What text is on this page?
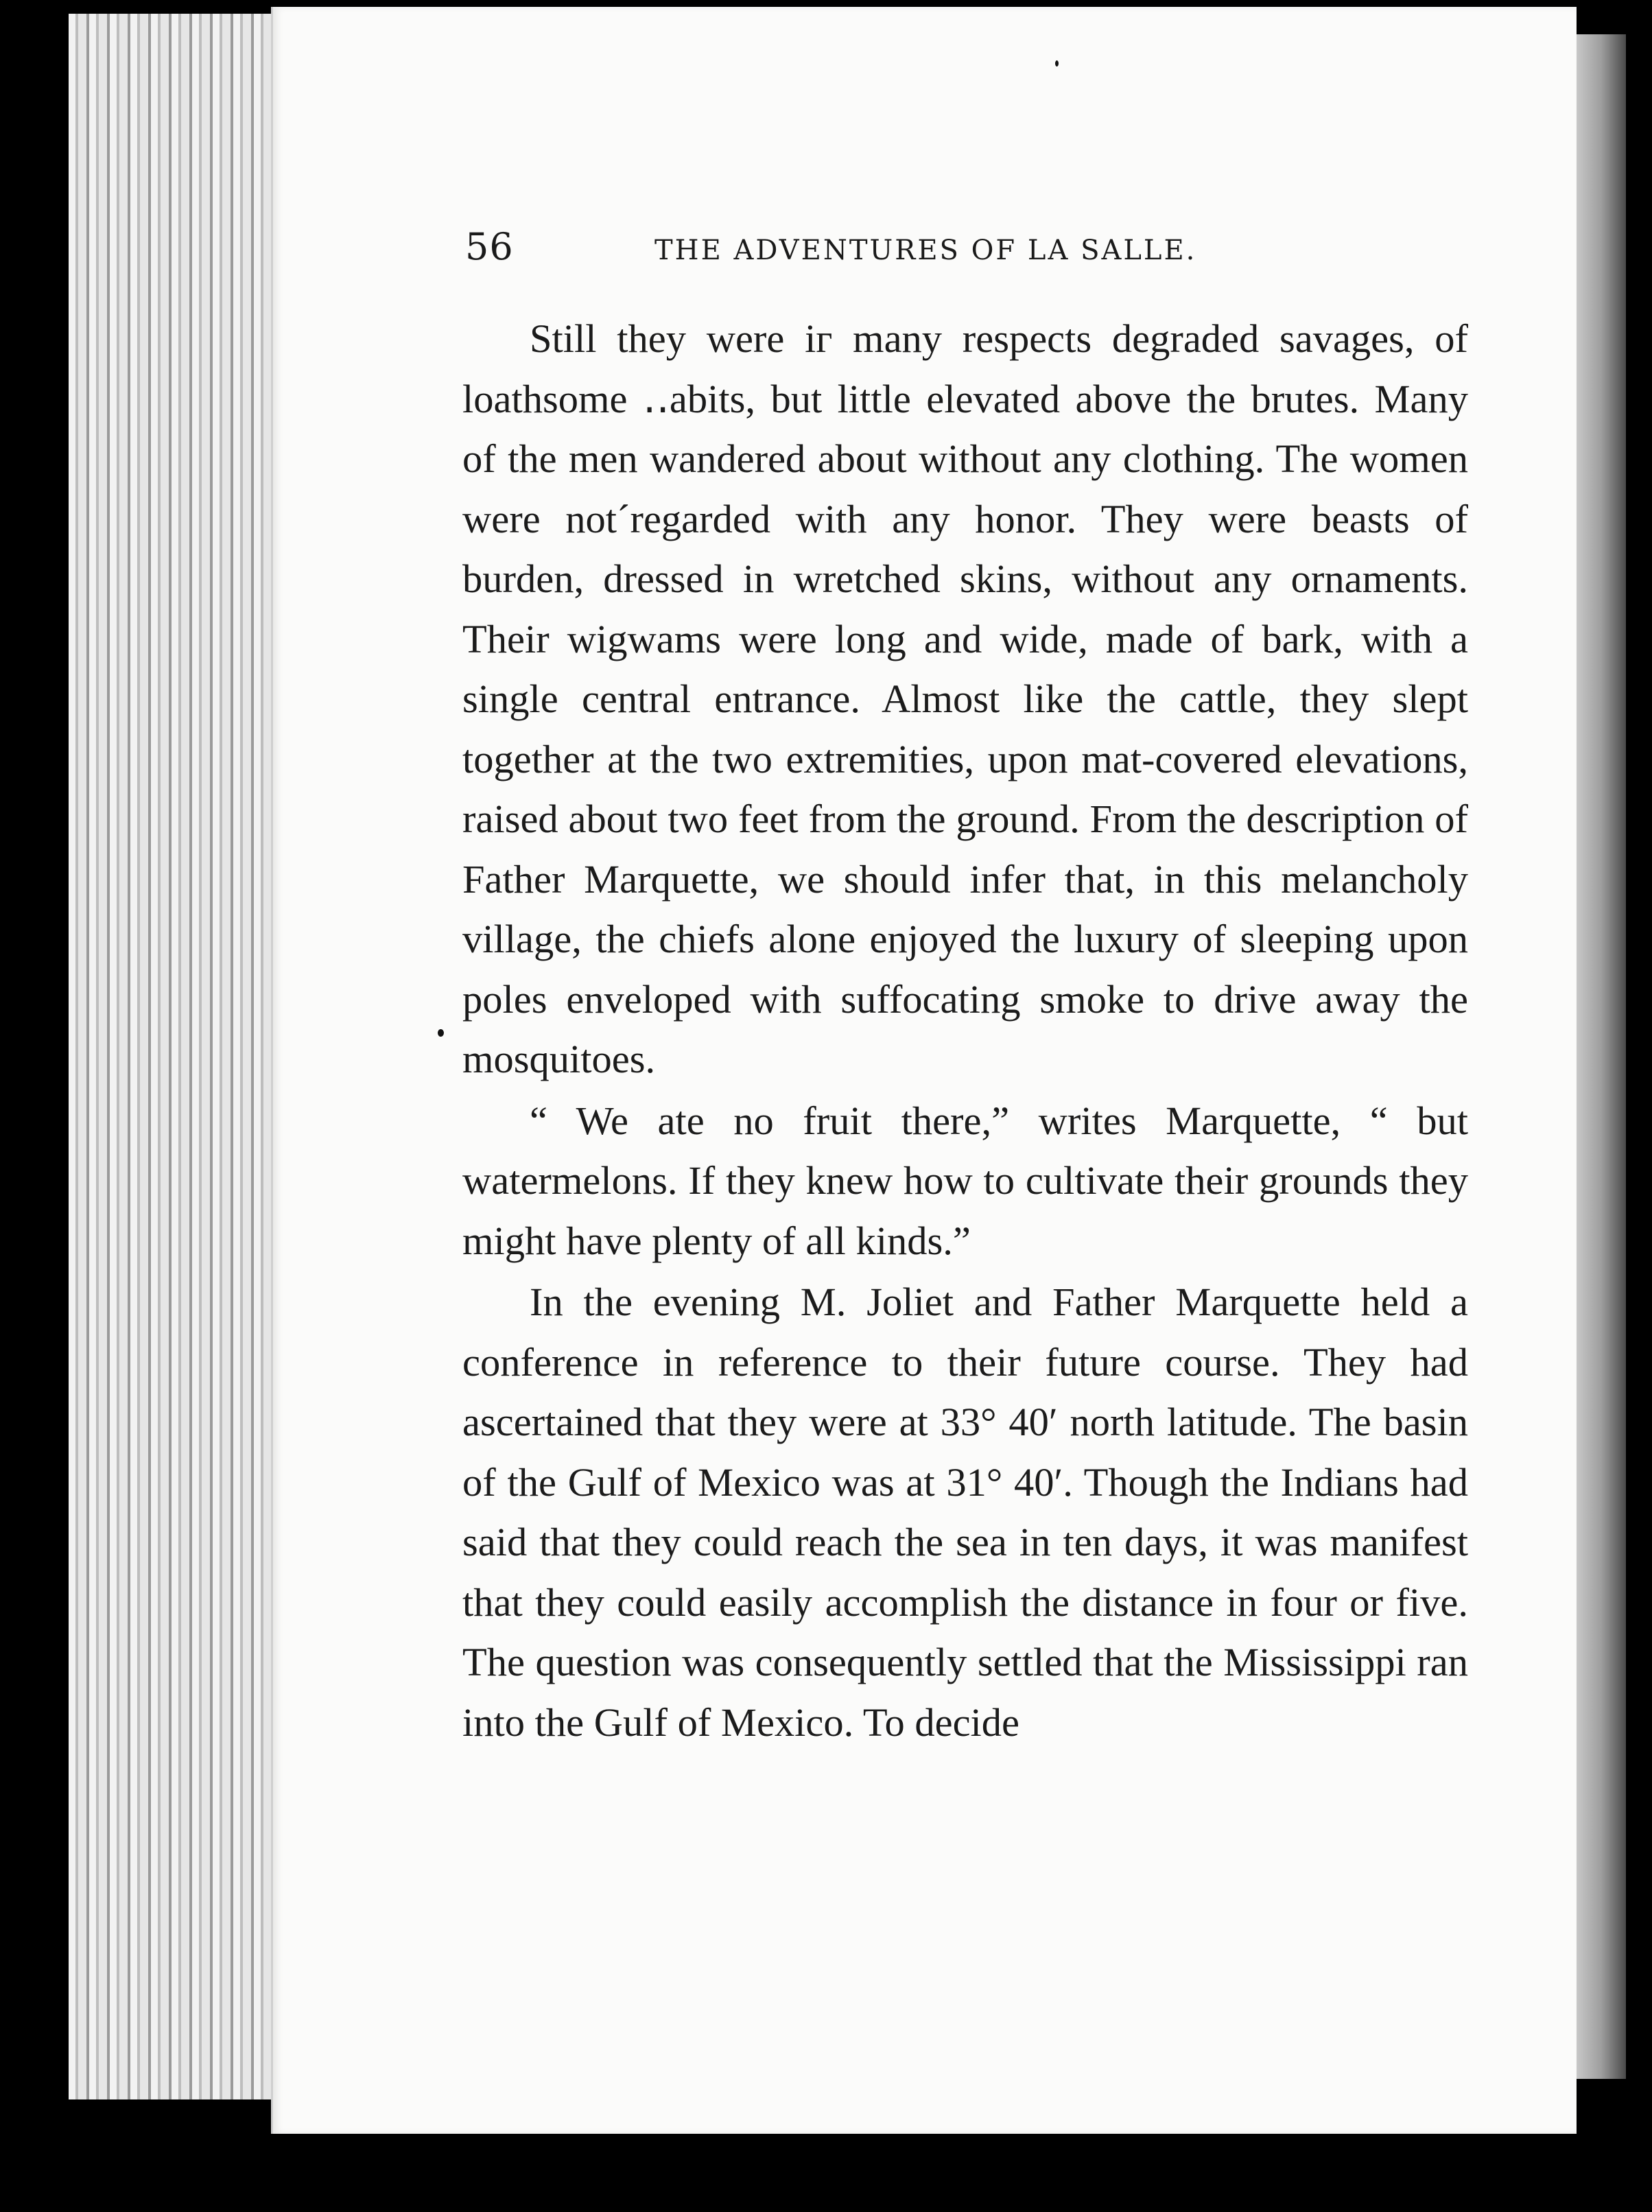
56	THE ADVENTURES OF LA SALLE.

Still they were iг many respects degraded savages, of loathsomе ‥abits, but little elevated above the brutes. Many of the men wandered about without any clothing. The women were not´regarded with any honor. They were beasts of burden, dressed in wretched skins, without any ornaments. Their wigwams were long and wide, made of bark, with a single central entrance. Almost like the cattle, they slept together at the two extremities, upon mat-covered elevations, raised about two feet from the ground. From the description of Father Marquette, we should infer that, in this melancholy village, the chiefs alone enjoyed the luxury of sleeping upon poles enveloped with suffocating smoke to drive away the mosquitoes.

“ We ate no fruit there,” writes Marquette, “ but watermelons. If they knew how to cultivate their grounds they might have plenty of all kinds.”

In the evening M. Joliet and Father Marquette held a conference in reference to their future course. They had ascertained that they were at 33° 40′ north latitude. The basin of the Gulf of Mexico was at 31° 40′. Though the Indians had said that they could reach the sea in ten days, it was manifest that they could easily accomplish the distance in four or five. The question was consequently settled that the Mississippi ran into the Gulf of Mexico. To decide
